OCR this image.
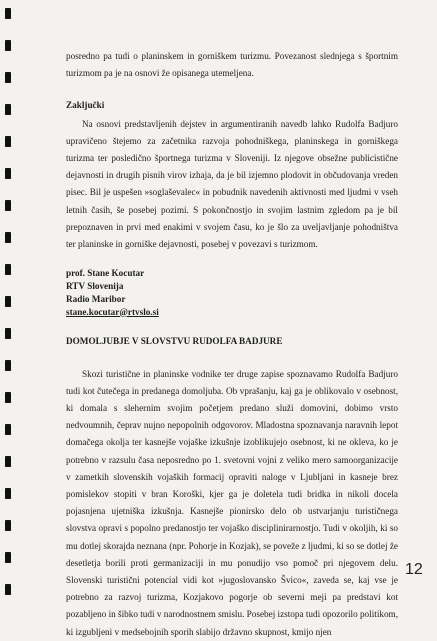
posredno pa tudi o planinskem in gorniškem turizmu. Povezanost slednjega s športnim turizmom pa je na osnovi že opisanega utemeljena.

Zaključki

Na osnovi predstavljenih dejstev in argumentiranih navedb lahko Rudolfa Badjuro upravičeno štejemo za začetnika razvoja pohodniškega, planinskega in gorniškega turizma ter posledično športnega turizma v Sloveniji. Iz njegove obsežne publicistične dejavnosti in drugih pisnih virov izhaja, da je bil izjemno plodovit in občudovanja vreden pisec. Bil je uspešen »soglaševalec« in pobudnik navedenih aktivnosti med ljudmi v vseh letnih časih, še posebej pozimi. S pokončnostjo in svojim lastnim zgledom pa je bil prepoznaven in prvi med enakimi v svojem času, ko je šlo za uveljavljanje pohodništva ter planinske in gorniške dejavnosti, posebej v povezavi s turizmom.

prof. Stane Kocutar
RTV Slovenija
Radio Maribor
stane.kocutar@rtvslo.si

DOMOLJUBJE V SLOVSTVU RUDOLFA BADJURE

Skozi turistične in planinske vodnike ter druge zapise spoznavamo Rudolfa Badjuro tudi kot čutečega in predanega domoljuba. Ob vprašanju, kaj ga je oblikovalo v osebnost, ki domala s slehernim svojim početjem predano služi domovini, dobimo vrsto nedvoumnih, čeprav nujno nepopolnih odgovorov. Mladostna spoznavanja naravnih lepot domačega okolja ter kasnejše vojaške izkušnje izoblikujejo osebnost, ki ne okleva, ko je potrebno v razsulu časa neposredno po 1. svetovni vojni z veliko mero samoorganizacije v zametkih slovenskih vojaških formacij opraviti naloge v Ljubljani in kasneje brez pomislekov stopiti v bran Koroški, kjer ga je doletela tudi bridka in nikoli docela pojasnjena ujetniška izkušnja. Kasnejše pionirsko delo ob ustvarjanju turističnega slovstva opravi s popolno predanostjo ter vojaško disciplinirarnostjo. Tudi v okoljih, ki so mu dotlej skorajda neznana (npr. Pohorje in Kozjak), se poveže z ljudmi, ki so se dotlej že desetletja borili proti germanizaciji in mu ponudijo vso pomoč pri njegovem delu. Slovenski turistični potencial vidi kot »jugoslovansko Švico«, zaveda se, kaj vse je potrebno za razvoj turizma, Kozjakovo pogorje ob severni meji pa predstavi kot pozabljeno in šibko tudi v narodnostnem smislu. Posebej izstopa tudi opozorilo politikom, ki izgubljeni v medsebojnih sporih slabijo državno skupnost, kmijo njen

12
